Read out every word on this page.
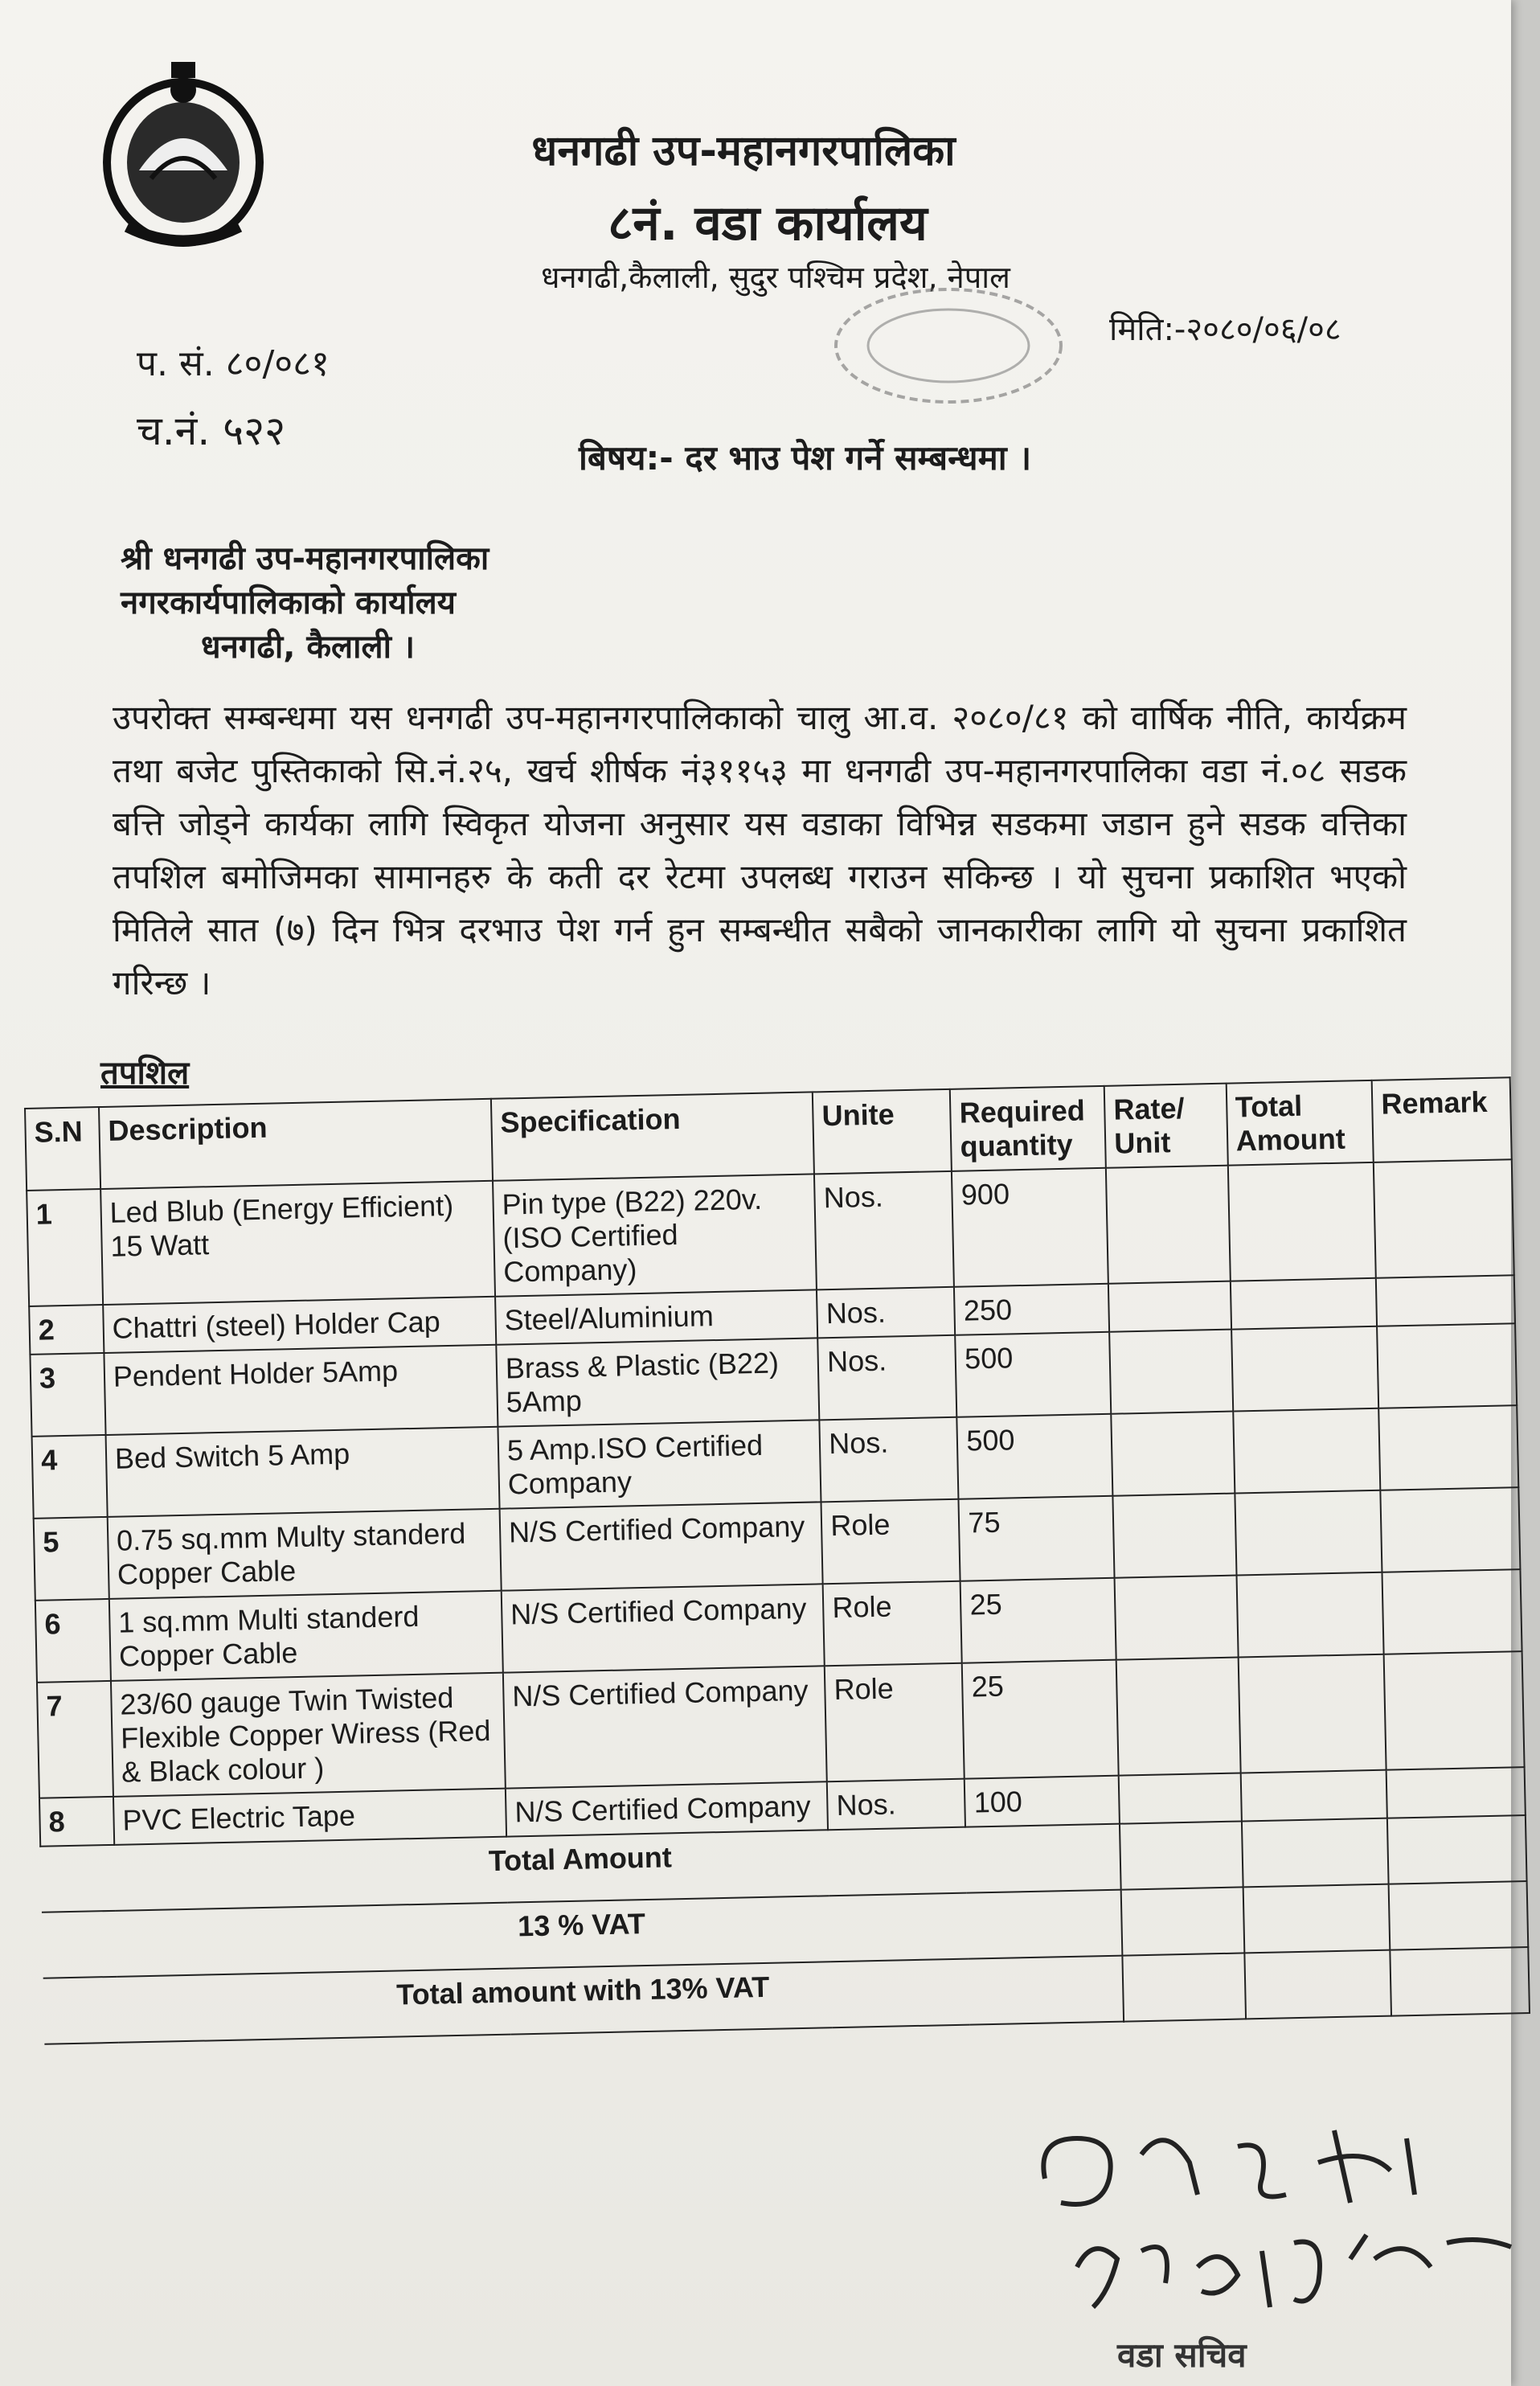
धनगढी उप-महानगरपालिका
८नं. वडा कार्यालय
धनगढी,कैलाली, सुदुर पश्चिम प्रदेश, नेपाल
मिति:-२०८०/०६/०८
प. सं. ८०/०८१
च.नं. ५२२
बिषय:- दर भाउ पेश गर्ने सम्बन्धमा ।
श्री धनगढी उप-महानगरपालिका
नगरकार्यपालिकाको कार्यालय
धनगढी, कैलाली ।
उपरोक्त सम्बन्धमा यस धनगढी उप-महानगरपालिकाको चालु आ.व. २०८०/८१ को वार्षिक नीति, कार्यक्रम तथा बजेट पुस्तिकाको सि.नं.२५, खर्च शीर्षक नं३११५३ मा धनगढी उप-महानगरपालिका वडा नं.०८ सडक बत्ति जोड्ने कार्यका लागि स्विकृत योजना अनुसार यस वडाका विभिन्न सडकमा जडान हुने सडक वत्तिका तपशिल बमोजिमका सामानहरु के कती दर रेटमा उपलब्ध गराउन सकिन्छ । यो सुचना प्रकाशित भएको मितिले सात (७) दिन भित्र दरभाउ पेश गर्न हुन सम्बन्धीत सबैको जानकारीका लागि यो सुचना प्रकाशित गरिन्छ ।
तपशिल
S.N	Description	Specification	Unite	Required quantity	Rate/ Unit	Total Amount	Remark
1	Led Blub (Energy Efficient) 15 Watt	Pin type (B22) 220v.(ISO Certified Company)	Nos.	900			
2	Chattri (steel) Holder Cap	Steel/Aluminium	Nos.	250			
3	Pendent Holder 5Amp	Brass & Plastic (B22) 5Amp	Nos.	500			
4	Bed Switch 5 Amp	5 Amp.ISO Certified Company	Nos.	500			
5	0.75 sq.mm Multy standerd Copper Cable	N/S Certified Company	Role	75			
6	1 sq.mm Multi standerd Copper Cable	N/S Certified Company	Role	25			
7	23/60 gauge Twin Twisted Flexible Copper Wiress (Red & Black colour )	N/S Certified Company	Role	25			
8	PVC Electric Tape	N/S Certified Company	Nos.	100			
Total Amount							
13 % VAT							
Total amount with 13% VAT							
वडा सचिव
